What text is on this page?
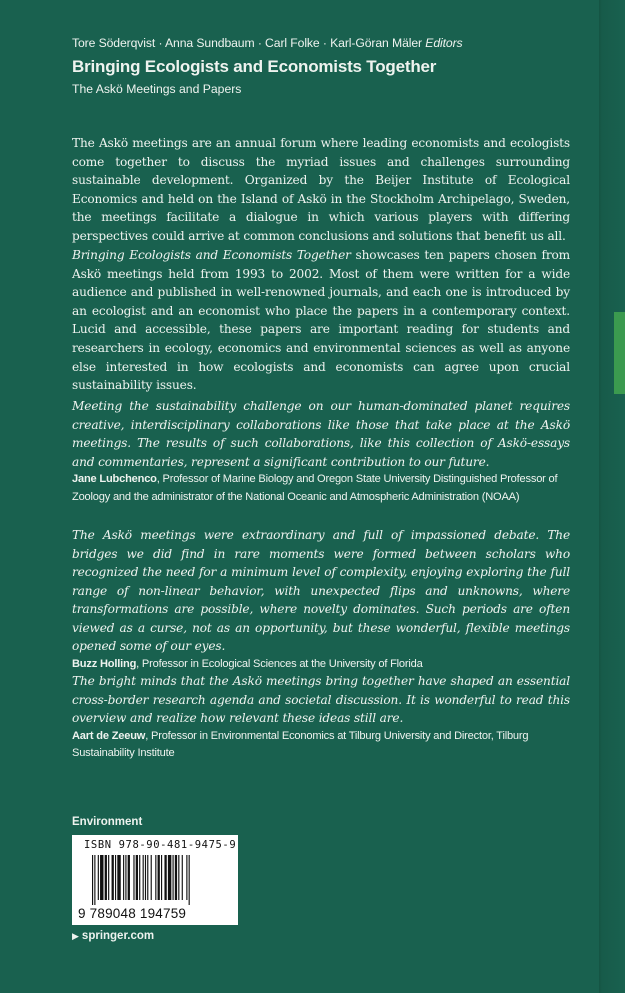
Tore Söderqvist · Anna Sundbaum · Carl Folke · Karl-Göran Mäler Editors
Bringing Ecologists and Economists Together
The Askö Meetings and Papers

The Askö meetings are an annual forum where leading economists and ecologists come together to discuss the myriad issues and challenges surrounding sustainable development. Organized by the Beijer Institute of Ecological Economics and held on the Island of Askö in the Stockholm Archipelago, Sweden, the meetings facilitate a dialogue in which various players with differing perspectives could arrive at common conclusions and solutions that benefit us all.

Bringing Ecologists and Economists Together showcases ten papers chosen from Askö meetings held from 1993 to 2002. Most of them were written for a wide audience and published in well-renowned journals, and each one is introduced by an ecologist and an economist who place the papers in a contemporary context. Lucid and accessible, these papers are important reading for students and researchers in ecology, economics and environmental sciences as well as anyone else interested in how ecologists and economists can agree upon crucial sustainability issues.

Meeting the sustainability challenge on our human-dominated planet requires creative, interdisciplinary collaborations like those that take place at the Askö meetings. The results of such collaborations, like this collection of Askö-essays and commentaries, represent a significant contribution to our future.

Jane Lubchenco, Professor of Marine Biology and Oregon State University Distinguished Professor of Zoology and the administrator of the National Oceanic and Atmospheric Administration (NOAA)

The Askö meetings were extraordinary and full of impassioned debate. The bridges we did find in rare moments were formed between scholars who recognized the need for a minimum level of complexity, enjoying exploring the full range of non-linear behavior, with unexpected flips and unknowns, where transformations are possible, where novelty dominates. Such periods are often viewed as a curse, not as an opportunity, but these wonderful, flexible meetings opened some of our eyes.

Buzz Holling, Professor in Ecological Sciences at the University of Florida

The bright minds that the Askö meetings bring together have shaped an essential cross-border research agenda and societal discussion. It is wonderful to read this overview and realize how relevant these ideas still are.

Aart de Zeeuw, Professor in Environmental Economics at Tilburg University and Director, Tilburg Sustainability Institute

Environment
ISBN 978-90-481-9475-9
9 789048 194759
▶ springer.com
